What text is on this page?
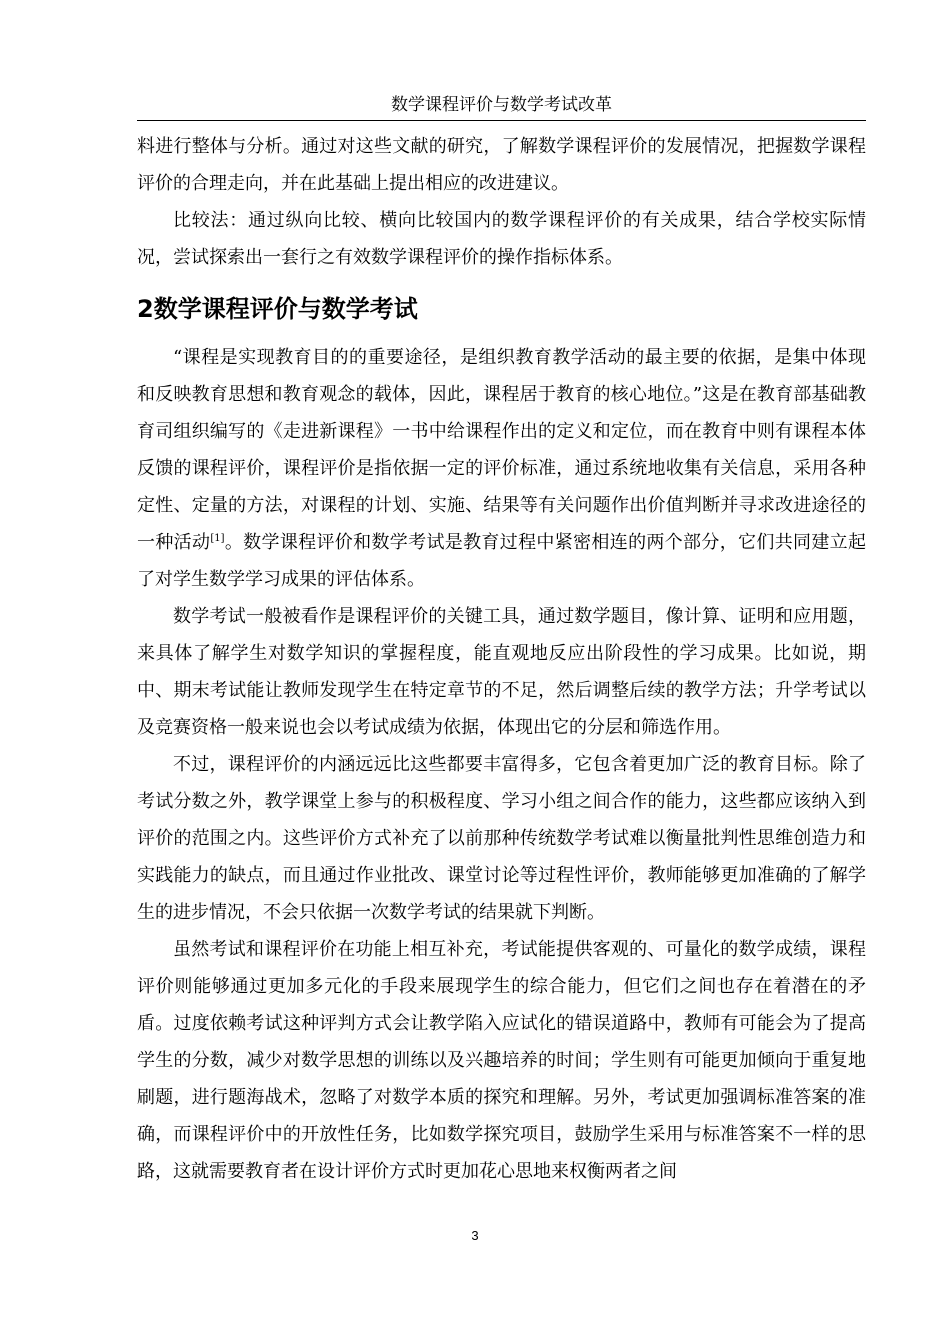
数学课程评价与数学考试改革

料进行整体与分析。通过对这些文献的研究，了解数学课程评价的发展情况，把握数学课程评价的合理走向，并在此基础上提出相应的改进建议。

比较法：通过纵向比较、横向比较国内的数学课程评价的有关成果，结合学校实际情况，尝试探索出一套行之有效数学课程评价的操作指标体系。

2数学课程评价与数学考试

“课程是实现教育目的的重要途径，是组织教育教学活动的最主要的依据，是集中体现和反映教育思想和教育观念的载体，因此，课程居于教育的核心地位。”这是在教育部基础教育司组织编写的《走进新课程》一书中给课程作出的定义和定位，而在教育中则有课程本体反馈的课程评价，课程评价是指依据一定的评价标准，通过系统地收集有关信息，采用各种定性、定量的方法，对课程的计划、实施、结果等有关问题作出价值判断并寻求改进途径的一种活动[1]。数学课程评价和数学考试是教育过程中紧密相连的两个部分，它们共同建立起了对学生数学学习成果的评估体系。

数学考试一般被看作是课程评价的关键工具，通过数学题目，像计算、证明和应用题，来具体了解学生对数学知识的掌握程度，能直观地反应出阶段性的学习成果。比如说，期中、期末考试能让教师发现学生在特定章节的不足，然后调整后续的教学方法；升学考试以及竞赛资格一般来说也会以考试成绩为依据，体现出它的分层和筛选作用。

不过，课程评价的内涵远远比这些都要丰富得多，它包含着更加广泛的教育目标。除了考试分数之外，教学课堂上参与的积极程度、学习小组之间合作的能力，这些都应该纳入到评价的范围之内。这些评价方式补充了以前那种传统数学考试难以衡量批判性思维创造力和实践能力的缺点，而且通过作业批改、课堂讨论等过程性评价，教师能够更加准确的了解学生的进步情况，不会只依据一次数学考试的结果就下判断。

虽然考试和课程评价在功能上相互补充，考试能提供客观的、可量化的数学成绩，课程评价则能够通过更加多元化的手段来展现学生的综合能力，但它们之间也存在着潜在的矛盾。过度依赖考试这种评判方式会让教学陷入应试化的错误道路中，教师有可能会为了提高学生的分数，减少对数学思想的训练以及兴趣培养的时间；学生则有可能更加倾向于重复地刷题，进行题海战术，忽略了对数学本质的探究和理解。另外，考试更加强调标准答案的准确，而课程评价中的开放性任务，比如数学探究项目，鼓励学生采用与标准答案不一样的思路，这就需要教育者在设计评价方式时更加花心思地来权衡两者之间

3
